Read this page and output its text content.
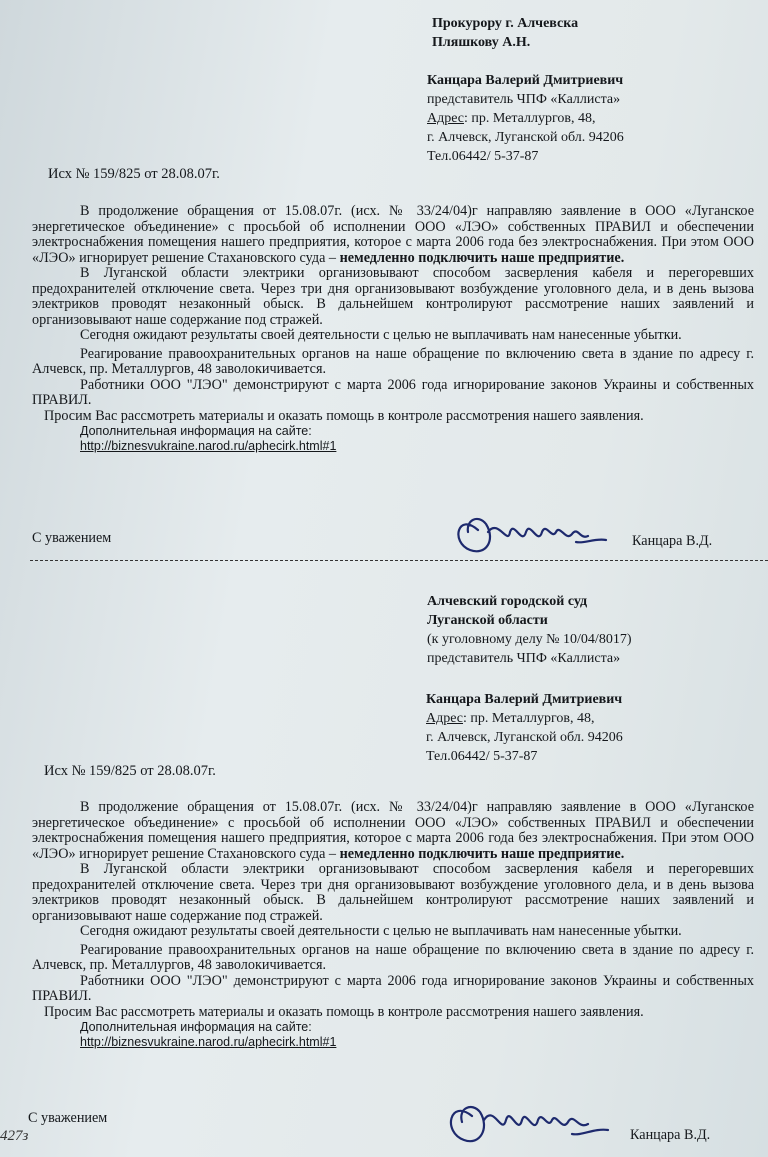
Прокурору г. Алчевска
Пляшкову А.Н.
Канцара Валерий Дмитриевич
представитель ЧПФ «Каллиста»
Адрес: пр. Металлургов, 48,
г. Алчевск, Луганской обл. 94206
Тел.06442/ 5-37-87
Исх № 159/825 от 28.08.07г.

В продолжение обращения от 15.08.07г. (исх. № 33/24/04)г направляю заявление в ООО «Луганское энергетическое объединение» с просьбой об исполнении ООО «ЛЭО» собственных ПРАВИЛ и обеспечении электроснабжения помещения нашего предприятия, которое с марта 2006 года без электроснабжения. При этом ООО «ЛЭО» игнорирует решение Стахановского суда – немедленно подключить наше предприятие.

В Луганской области электрики организовывают способом засверления кабеля и перегоревших предохранителей отключение света. Через три дня организовывают возбуждение уголовного дела, и в день вызова электриков проводят незаконный обыск. В дальнейшем контролируют рассмотрение наших заявлений и организовывают наше содержание под стражей.

Сегодня ожидают результаты своей деятельности с целью не выплачивать нам нанесенные убытки.

Реагирование правоохранительных органов на наше обращение по включению света в здание по адресу г. Алчевск, пр. Металлургов, 48 заволокичивается.

Работники ООО "ЛЭО" демонстрируют с марта 2006 года игнорирование законов Украины и собственных ПРАВИЛ.

Просим Вас рассмотреть материалы и оказать помощь в контроле рассмотрения нашего заявления.

Дополнительная информация на сайте:
http://biznesvukraine.narod.ru/aphecirk.html#1
С уважением	Канцара В.Д.
Алчевский городской суд
Луганской области
(к уголовному делу № 10/04/8017)
представитель ЧПФ «Каллиста»
Канцара Валерий Дмитриевич
Адрес: пр. Металлургов, 48,
г. Алчевск, Луганской обл. 94206
Тел.06442/ 5-37-87
Исх № 159/825 от 28.08.07г.

В продолжение обращения от 15.08.07г. (исх. № 33/24/04)г направляю заявление в ООО «Луганское энергетическое объединение» с просьбой об исполнении ООО «ЛЭО» собственных ПРАВИЛ и обеспечении электроснабжения помещения нашего предприятия, которое с марта 2006 года без электроснабжения. При этом ООО «ЛЭО» игнорирует решение Стахановского суда – немедленно подключить наше предприятие.

В Луганской области электрики организовывают способом засверления кабеля и перегоревших предохранителей отключение света. Через три дня организовывают возбуждение уголовного дела, и в день вызова электриков проводят незаконный обыск. В дальнейшем контролируют рассмотрение наших заявлений и организовывают наше содержание под стражей.

Сегодня ожидают результаты своей деятельности с целью не выплачивать нам нанесенные убытки.

Реагирование правоохранительных органов на наше обращение по включению света в здание по адресу г. Алчевск, пр. Металлургов, 48 заволокичивается.

Работники ООО "ЛЭО" демонстрируют с марта 2006 года игнорирование законов Украины и собственных ПРАВИЛ.

Просим Вас рассмотреть материалы и оказать помощь в контроле рассмотрения нашего заявления.

Дополнительная информация на сайте:
http://biznesvukraine.narod.ru/aphecirk.html#1
С уважением
Канцара В.Д.
427з
